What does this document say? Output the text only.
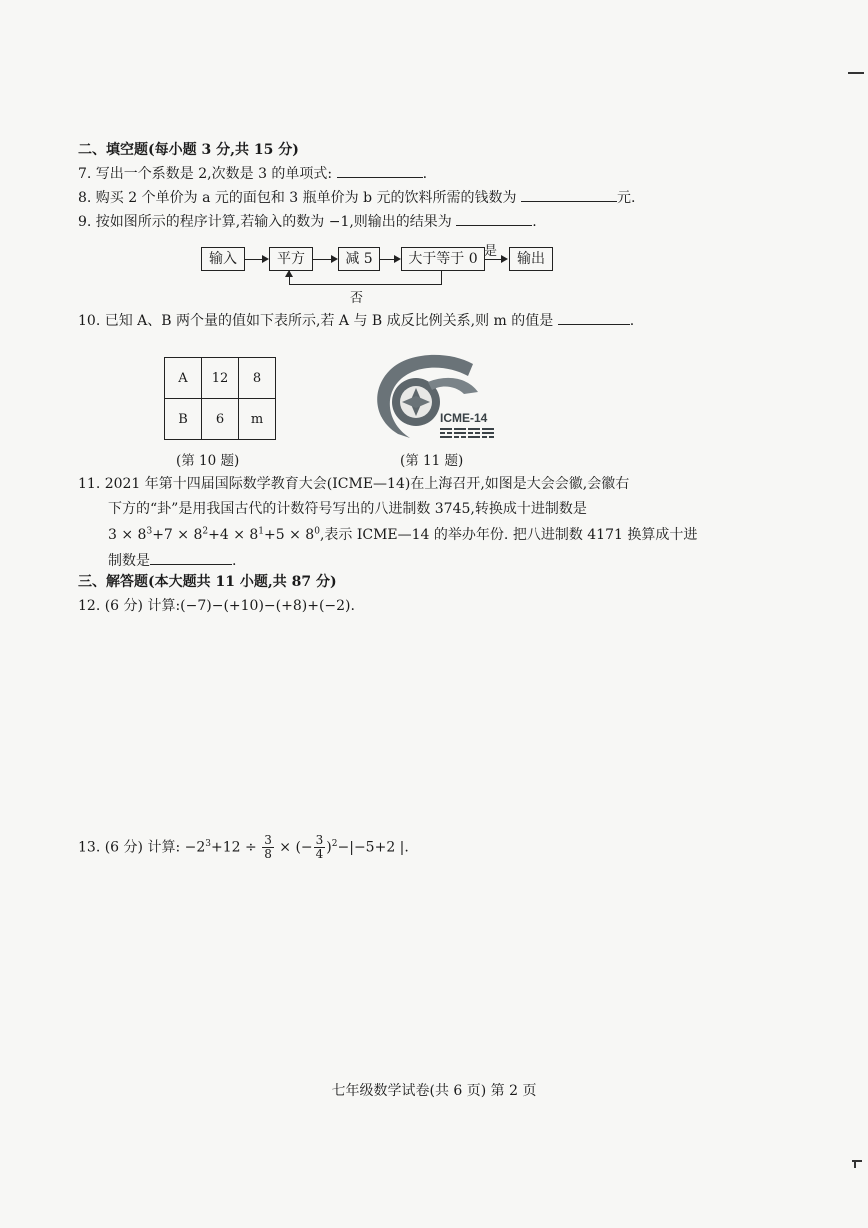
二、填空题(每小题 3 分,共 15 分)
7. 写出一个系数是 2,次数是 3 的单项式:	.
8. 购买 2 个单价为 a 元的面包和 3 瓶单价为 b 元的饮料所需的钱数为	元.
9. 按如图所示的程序计算,若输入的数为 −1,则输出的结果为	.
输入	平方	减 5	大于等于 0 是	输出
否
10. 已知 A、B 两个量的值如下表所示,若 A 与 B 成反比例关系,则 m 的值是	.
A	12	8
B	6	m	ICME-14
(第 10 题)	(第 11 题)
11. 2021 年第十四届国际数学教育大会(ICME—14)在上海召开,如图是大会会徽,会徽右
下方的“卦”是用我国古代的计数符号写出的八进制数 3745,转换成十进制数是
$3 \times 8^3+7 \times 8^2+4 \times 8^1+5 \times 8^0$,表示 ICME—14 的举办年份. 把八进制数 4171 换算成十进
制数是	.
三、解答题(本大题共 11 小题,共 87 分)
12. (6 分) 计算:(−7)−(+10)−(+8)+(−2).
13. (6 分) 计算: $-2^3+12 \div \frac{3}{8}$ × (− $\frac{3}{4} )^2-|-5+2$ |.
七年级数学试卷(共 6 页) 第 2 页
